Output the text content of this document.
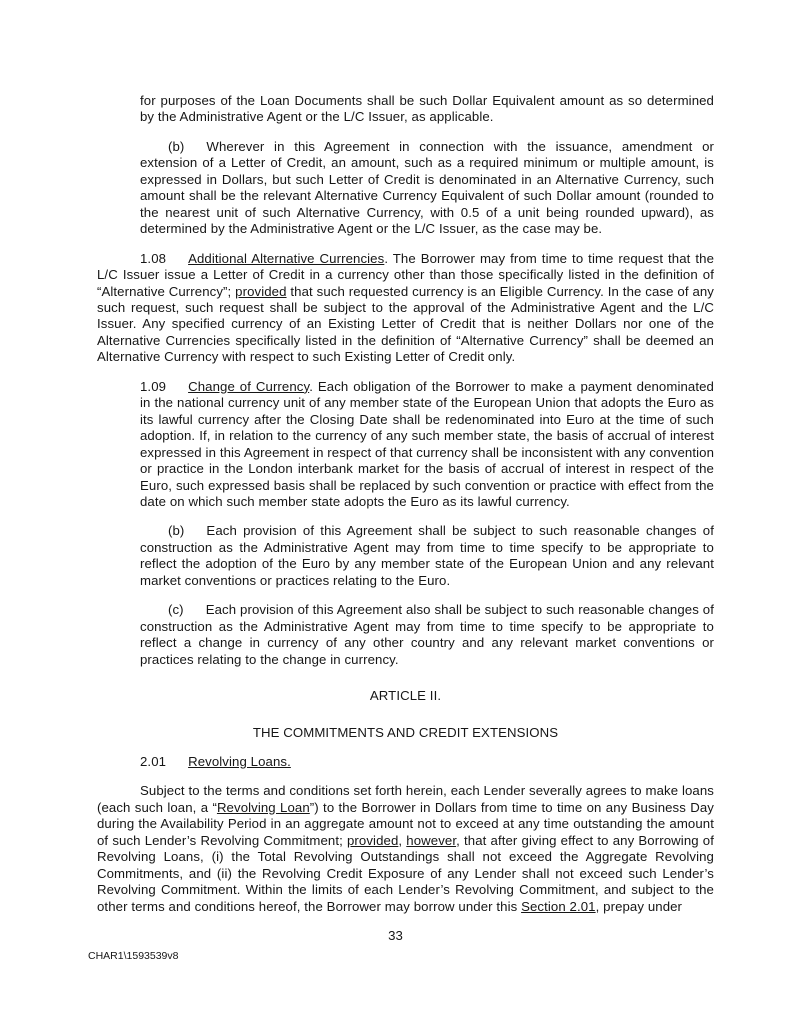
for purposes of the Loan Documents shall be such Dollar Equivalent amount as so determined by the Administrative Agent or the L/C Issuer, as applicable.

(b) Wherever in this Agreement in connection with the issuance, amendment or extension of a Letter of Credit, an amount, such as a required minimum or multiple amount, is expressed in Dollars, but such Letter of Credit is denominated in an Alternative Currency, such amount shall be the relevant Alternative Currency Equivalent of such Dollar amount (rounded to the nearest unit of such Alternative Currency, with 0.5 of a unit being rounded upward), as determined by the Administrative Agent or the L/C Issuer, as the case may be.

1.08 Additional Alternative Currencies. The Borrower may from time to time request that the L/C Issuer issue a Letter of Credit in a currency other than those specifically listed in the definition of “Alternative Currency”; provided that such requested currency is an Eligible Currency. In the case of any such request, such request shall be subject to the approval of the Administrative Agent and the L/C Issuer. Any specified currency of an Existing Letter of Credit that is neither Dollars nor one of the Alternative Currencies specifically listed in the definition of “Alternative Currency” shall be deemed an Alternative Currency with respect to such Existing Letter of Credit only.

1.09 Change of Currency. Each obligation of the Borrower to make a payment denominated in the national currency unit of any member state of the European Union that adopts the Euro as its lawful currency after the Closing Date shall be redenominated into Euro at the time of such adoption. If, in relation to the currency of any such member state, the basis of accrual of interest expressed in this Agreement in respect of that currency shall be inconsistent with any convention or practice in the London interbank market for the basis of accrual of interest in respect of the Euro, such expressed basis shall be replaced by such convention or practice with effect from the date on which such member state adopts the Euro as its lawful currency.

(b) Each provision of this Agreement shall be subject to such reasonable changes of construction as the Administrative Agent may from time to time specify to be appropriate to reflect the adoption of the Euro by any member state of the European Union and any relevant market conventions or practices relating to the Euro.

(c) Each provision of this Agreement also shall be subject to such reasonable changes of construction as the Administrative Agent may from time to time specify to be appropriate to reflect a change in currency of any other country and any relevant market conventions or practices relating to the change in currency.

ARTICLE II.

THE COMMITMENTS AND CREDIT EXTENSIONS

2.01 Revolving Loans.

Subject to the terms and conditions set forth herein, each Lender severally agrees to make loans (each such loan, a “Revolving Loan”) to the Borrower in Dollars from time to time on any Business Day during the Availability Period in an aggregate amount not to exceed at any time outstanding the amount of such Lender’s Revolving Commitment; provided, however, that after giving effect to any Borrowing of Revolving Loans, (i) the Total Revolving Outstandings shall not exceed the Aggregate Revolving Commitments, and (ii) the Revolving Credit Exposure of any Lender shall not exceed such Lender’s Revolving Commitment. Within the limits of each Lender’s Revolving Commitment, and subject to the other terms and conditions hereof, the Borrower may borrow under this Section 2.01, prepay under

33
CHAR1\1593539v8
